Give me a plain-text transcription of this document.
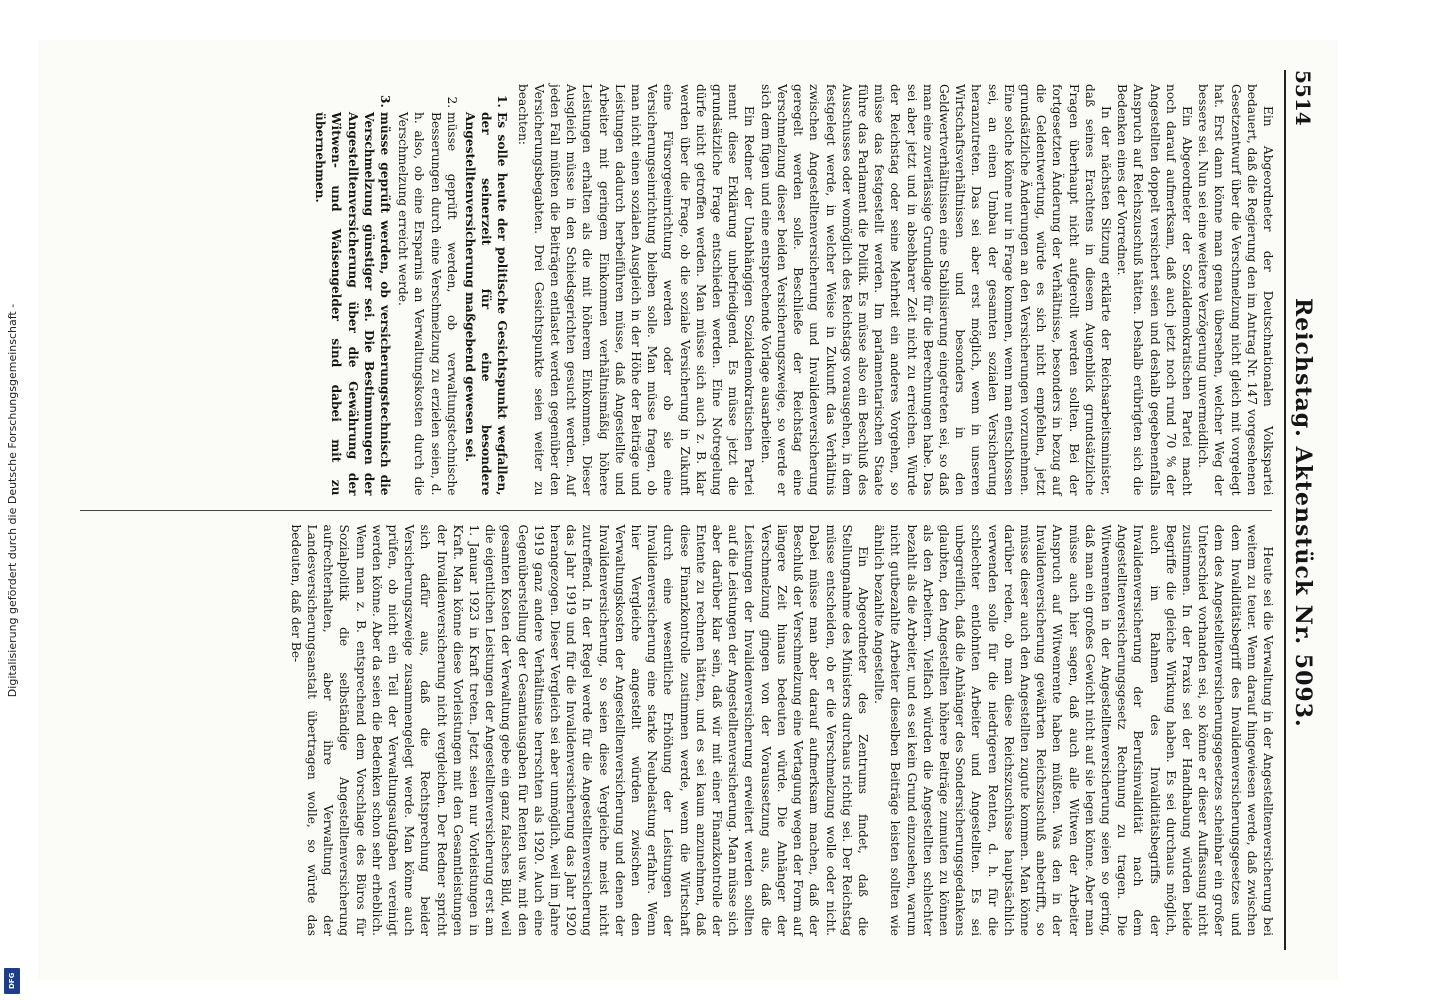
Digitalisierung gefördert durch die Deutsche Forschungsgemeinschaft -
DFG
5514
Reichstag. Aktenstück Nr. 5093.

Ein Abgeordneter der Deutschnationalen Volkspartei bedauert, daß die Regierung den im Antrag Nr. 147 vorgesehenen Gesetzentwurf über die Verschmelzung nicht gleich mit vorgelegt hat. Erst dann könne man genau übersehen, welcher Weg der bessere sei. Nun sei eine weitere Verzögerung unvermeidlich.

Ein Abgeordneter der Sozialdemokratischen Partei macht noch darauf aufmerksam, daß auch jetzt noch rund 70 % der Angestellten doppelt versichert seien und deshalb gegebenenfalls Anspruch auf Reichszuschuß hätten. Deshalb erübrigten sich die Bedenken eines der Vorredner.

In der nächsten Sitzung erklärte der Reichsarbeitsminister, daß seines Erachtens in diesem Augenblick grundsätzliche Fragen überhaupt nicht aufgerollt werden sollten. Bei der fortgesetzten Änderung der Verhältnisse, besonders in bezug auf die Geldentwertung, würde es sich nicht empfehlen, jetzt grundsätzliche Änderungen an den Versicherungen vorzunehmen. Eine solche könne nur in Frage kommen, wenn man entschlossen sei, an einen Umbau der gesamten sozialen Versicherung heranzutreten. Das sei aber erst möglich, wenn in unseren Wirtschaftsverhältnissen und besonders in den Geldwertverhältnissen eine Stabilisierung eingetreten sei, so daß man eine zuverlässige Grundlage für die Berechnungen habe. Das sei aber jetzt und in absehbarer Zeit nicht zu erreichen. Würde der Reichstag oder seine Mehrheit ein anderes Vorgehen, so müsse das festgestellt werden. Im parlamentarischen Staate führe das Parlament die Politik. Es müsse also ein Beschluß des Ausschusses oder womöglich des Reichstags vorausgehen, in dem festgelegt werde, in welcher Weise in Zukunft das Verhältnis zwischen Angestelltenversicherung und Invalidenversicherung geregelt werden solle. Beschließe der Reichstag eine Verschmelzung dieser beiden Versicherungszweige, so werde er sich dem fügen und eine entsprechende Vorlage ausarbeiten.

Ein Redner der Unabhängigen Sozialdemokratischen Partei nennt diese Erklärung unbefriedigend. Es müsse jetzt die grundsätzliche Frage entschieden werden. Eine Notregelung dürfe nicht getroffen werden. Man müsse sich auch z. B. klar werden über die Frage, ob die soziale Versicherung in Zukunft eine Fürsorgeeinrichtung werden oder ob sie eine Versicherungseinrichtung bleiben solle. Man müsse fragen, ob man nicht einen sozialen Ausgleich in der Höhe der Beiträge und Leistungen dadurch herbeiführen müsse, daß Angestellte und Arbeiter mit geringem Einkommen verhältnismäßig höhere Leistungen erhalten als die mit höherem Einkommen. Dieser Ausgleich müsse in den Schiedsgerichten gesucht werden. Auf jeden Fall müßten die Beiträgen entlastet werden gegenüber den Versicherungsbegabten. Drei Gesichtspunkte seien weiter zu beachten:

1. Es solle heute der politische Gesichtspunkt wegfallen, der seinerzeit für eine besondere Angestelltenversicherung maßgebend gewesen sei.
2. müsse geprüft werden, ob verwaltungstechnische Besserungen durch eine Verschmelzung zu erzielen seien, d. h. also, ob eine Ersparnis an Verwaltungskosten durch die Verschmelzung erreicht werde.
3. müsse geprüft werden, ob versicherungstechnisch die Verschmelzung günstiger sei. Die Bestimmungen der Angestelltenversicherung über die Gewährung der Witwen- und Waisengelder sind dabei mit zu übernehmen.

Heute sei die Verwaltung in der Angestelltenversicherung bei weitem zu teuer. Wenn darauf hingewiesen werde, daß zwischen dem Invaliditätsbegriff des Invalidenversicherungsgesetzes und dem des Angestelltenversicherungsgesetzes scheinbar ein großer Unterschied vorhanden sei, so könne er dieser Auffassung nicht zustimmen. In der Praxis sei der Handhabung würden beide Begriffe die gleiche Wirkung haben. Es sei durchaus möglich, auch im Rahmen des Invaliditätsbegriffs der Invalidenversicherung der Berufsinvalidität nach dem Angestelltenversicherungsgesetz Rechnung zu tragen. Die Witwenrenten in der Angestelltenversicherung seien so gering, daß man ein großes Gewicht nicht auf sie legen könne. Aber man müsse auch hier sagen, daß auch alle Witwen der Arbeiter Anspruch auf Witwenrente haben müßten. Was den in der Invalidenversicherung gewährten Reichszuschuß anbetrifft, so müsse dieser auch den Angestellten zugute kommen. Man könne darüber reden, ob man diese Reichszuschüsse hauptsächlich verwenden solle für die niedrigeren Renten, d. h. für die schlechter entlohnten Arbeiter und Angestellten. Es sei unbegreiflich, daß die Anhänger des Sondersicherungsgedankens glaubten, den Angestellten höhere Beiträge zumuten zu können als den Arbeitern. Vielfach würden die Angestellten schlechter bezahlt als die Arbeiter, und es sei kein Grund einzusehen, warum nicht gutbezahlte Arbeiter dieselben Beiträge leisten sollten wie ähnlich bezahlte Angestellte.

Ein Abgeordneter des Zentrums findet, daß die Stellungnahme des Ministers durchaus richtig sei. Der Reichstag müsse entscheiden, ob er die Verschmelzung wolle oder nicht. Dabei müsse man aber darauf aufmerksam machen, daß der Beschluß der Verschmelzung eine Vertagung wegen der Form auf längere Zeit hinaus bedeuten würde. Die Anhänger der Verschmelzung gingen von der Voraussetzung aus, daß die Leistungen der Invalidenversicherung erweitert werden sollten auf die Leistungen der Angestelltenversicherung. Man müsse sich aber darüber klar sein, daß wir mit einer Finanzkontrolle der Entente zu rechnen hätten, und es sei kaum anzunehmen, daß diese Finanzkontrolle zustimmen werde, wenn die Wirtschaft durch eine wesentliche Erhöhung der Leistungen der Invalidenversicherung eine starke Neubelastung erfahre. Wenn hier Vergleiche angestellt würden zwischen den Verwaltungskosten der Angestelltenversicherung und denen der Invalidenversicherung, so seien diese Vergleiche meist nicht zutreffend. In der Regel werde für die Angestelltenversicherung das Jahr 1919 und für die Invalidenversicherung das Jahr 1920 herangezogen. Dieser Vergleich sei aber unmöglich, weil im Jahre 1919 ganz andere Verhältnisse herrschten als 1920. Auch eine Gegenüberstellung der Gesamtausgaben für Renten usw. mit den gesamten Kosten der Verwaltung gebe ein ganz falsches Bild, weil die eigentlichen Leistungen der Angestelltenversicherung erst am 1. Januar 1923 in Kraft treten. Jetzt seien nur Vorleistungen in Kraft. Man könne diese Vorleistungen mit den Gesamtleistungen der Invalidenversicherung nicht vergleichen. Der Redner spricht sich dafür aus, daß die Rechtsprechung beider Versicherungszweige zusammengelegt werde. Man könne auch prüfen, ob nicht ein Teil der Verwaltungsaufgaben vereinigt werden könne. Aber da seien die Bedenken schon sehr erheblich. Wenn man z. B. entsprechend dem Vorschlage des Büros für Sozialpolitik die selbständige Angestelltenversicherung aufrechterhalten, aber ihre Verwaltung der Landesversicherungsanstalt übertragen wolle, so würde das bedeuten, daß der Be-
